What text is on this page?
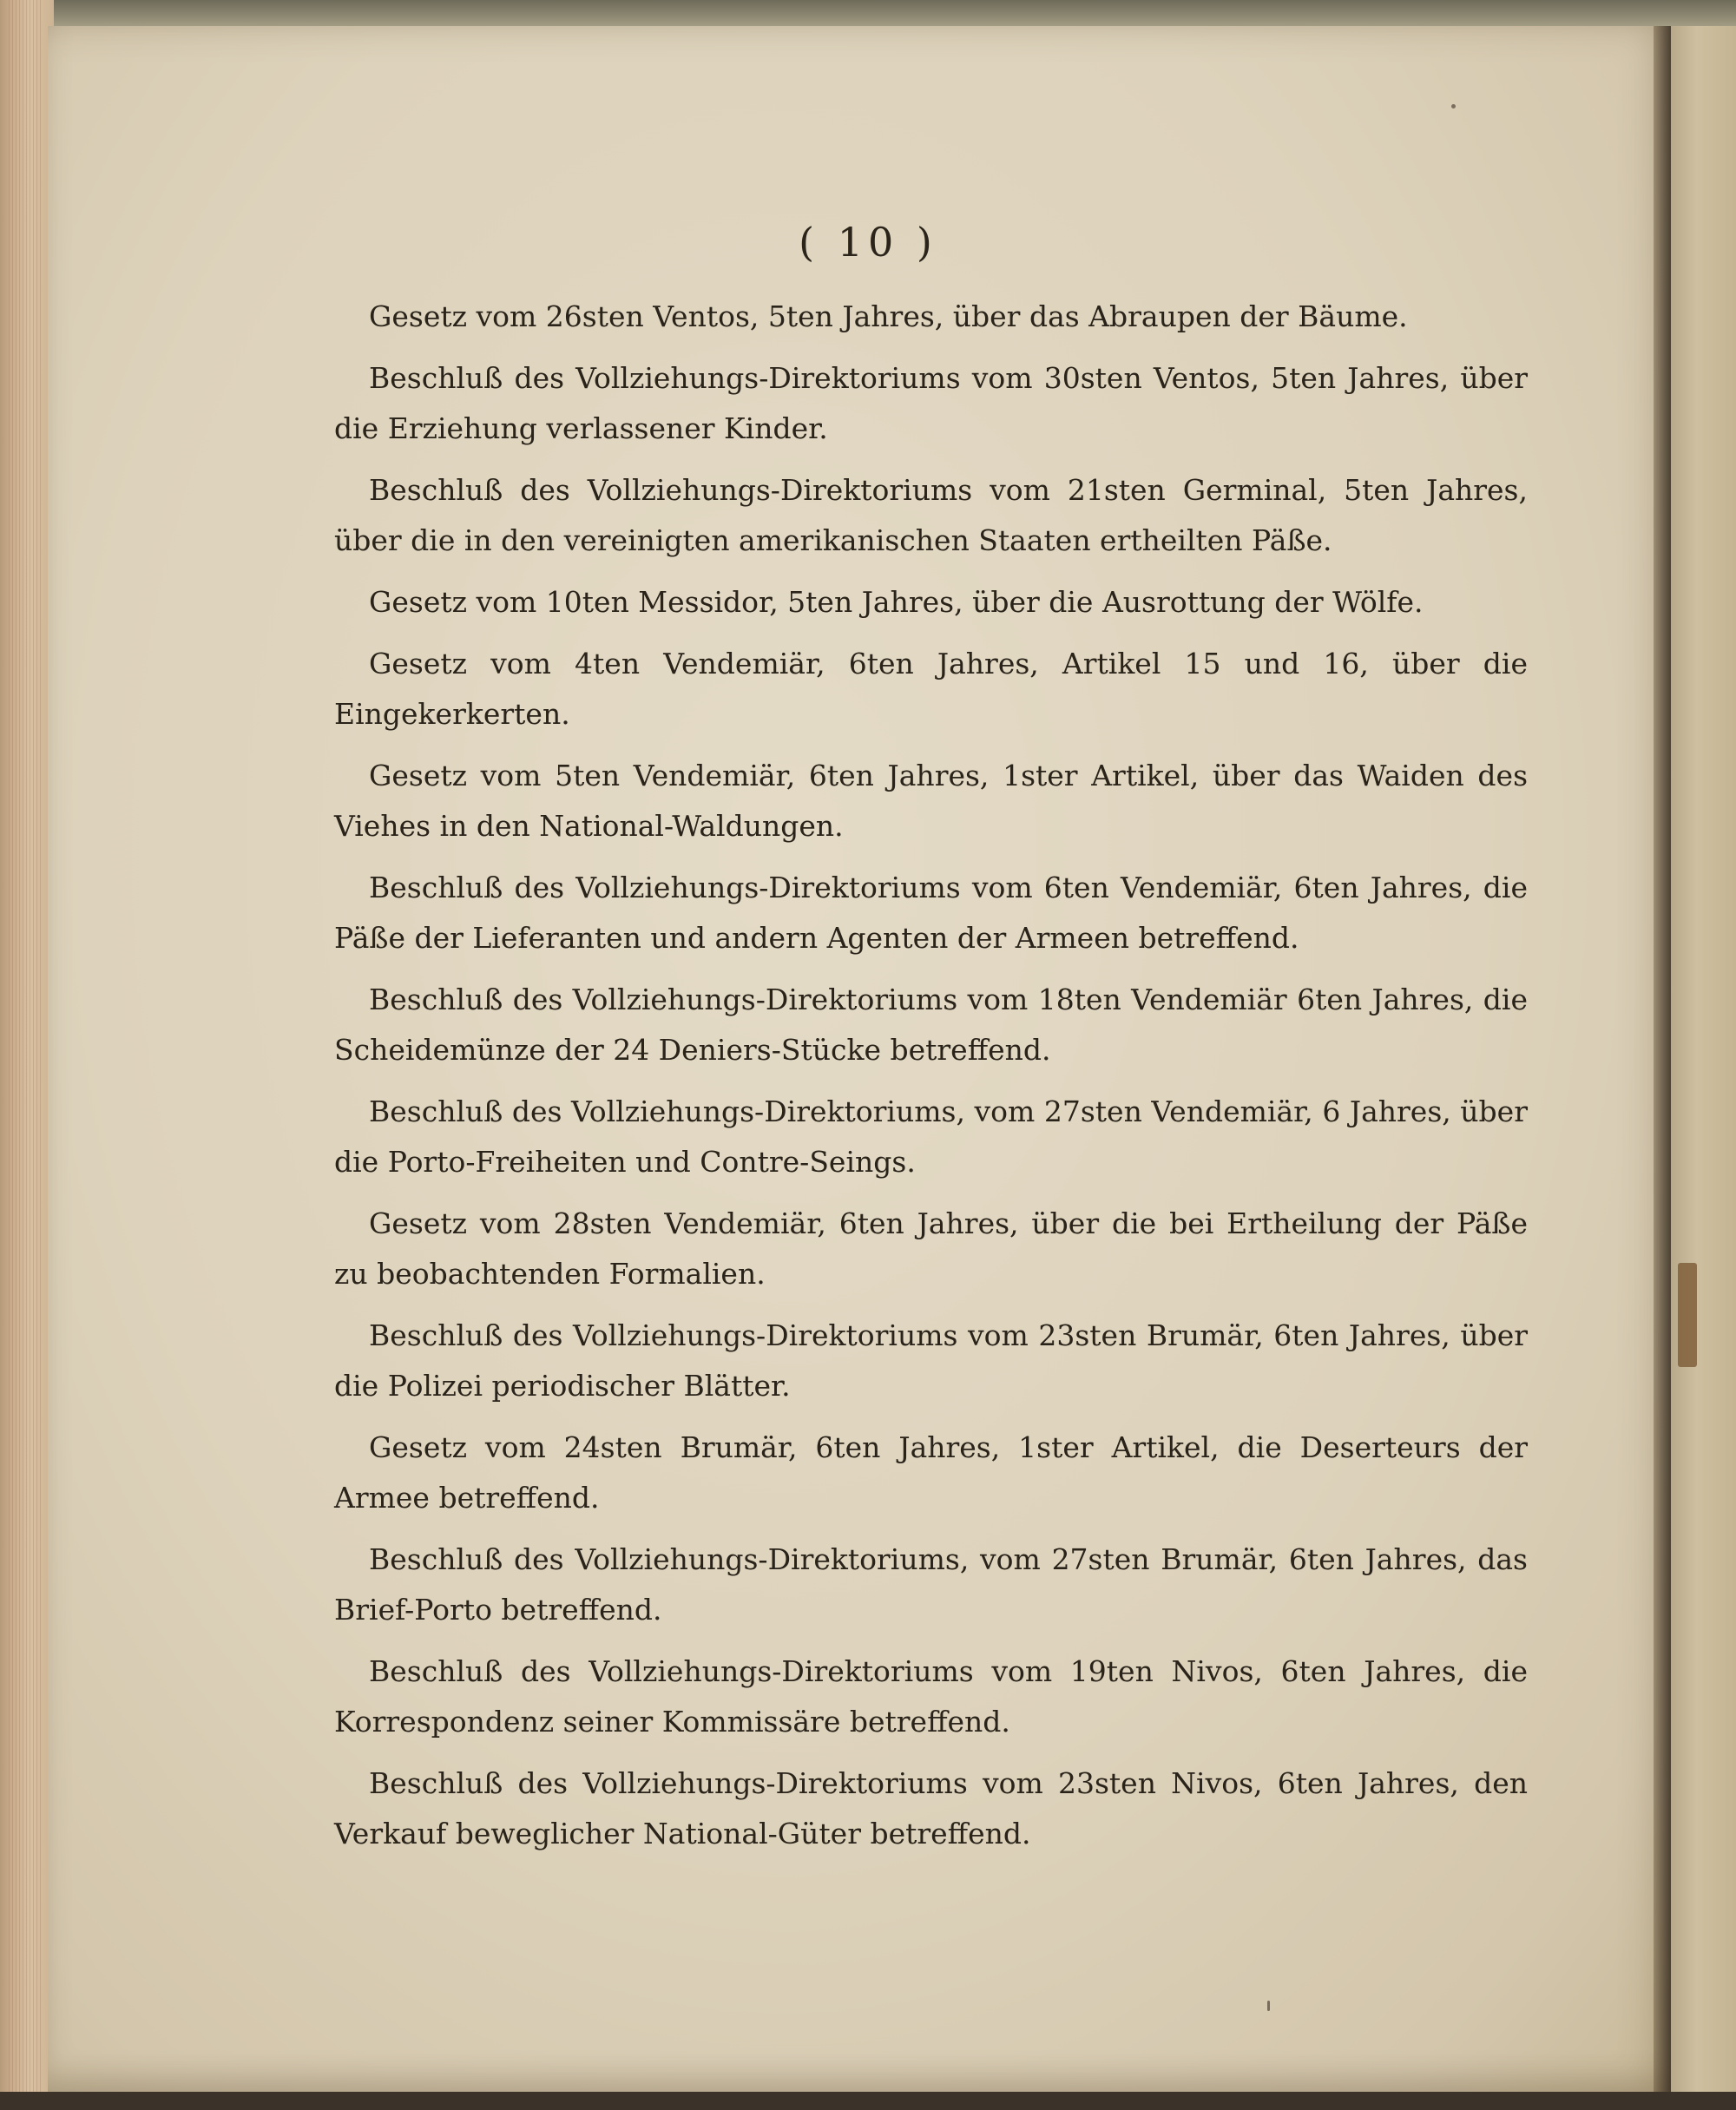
( 10 )

Gesetz vom 26sten Ventos, 5ten Jahres, über das Abraupen der Bäume.

Beschluß des Vollziehungs-Direktoriums vom 30sten Ventos, 5ten Jahres, über die Erziehung verlassener Kinder.

Beschluß des Vollziehungs-Direktoriums vom 21sten Germinal, 5ten Jahres, über die in den vereinigten amerikanischen Staaten ertheilten Päße.

Gesetz vom 10ten Messidor, 5ten Jahres, über die Ausrottung der Wölfe.

Gesetz vom 4ten Vendemiär, 6ten Jahres, Artikel 15 und 16, über die Eingekerkerten.

Gesetz vom 5ten Vendemiär, 6ten Jahres, 1ster Artikel, über das Waiden des Viehes in den National-Waldungen.

Beschluß des Vollziehungs-Direktoriums vom 6ten Vendemiär, 6ten Jahres, die Päße der Lieferanten und andern Agenten der Armeen betreffend.

Beschluß des Vollziehungs-Direktoriums vom 18ten Vendemiär 6ten Jahres, die Scheidemünze der 24 Deniers-Stücke betreffend.

Beschluß des Vollziehungs-Direktoriums, vom 27sten Vendemiär, 6 Jahres, über die Porto-Freiheiten und Contre-Seings.

Gesetz vom 28sten Vendemiär, 6ten Jahres, über die bei Ertheilung der Päße zu beobachtenden Formalien.

Beschluß des Vollziehungs-Direktoriums vom 23sten Brumär, 6ten Jahres, über die Polizei periodischer Blätter.

Gesetz vom 24sten Brumär, 6ten Jahres, 1ster Artikel, die Deserteurs der Armee betreffend.

Beschluß des Vollziehungs-Direktoriums, vom 27sten Brumär, 6ten Jahres, das Brief-Porto betreffend.

Beschluß des Vollziehungs-Direktoriums vom 19ten Nivos, 6ten Jahres, die Korrespondenz seiner Kommissäre betreffend.

Beschluß des Vollziehungs-Direktoriums vom 23sten Nivos, 6ten Jahres, den Verkauf beweglicher National-Güter betreffend.
